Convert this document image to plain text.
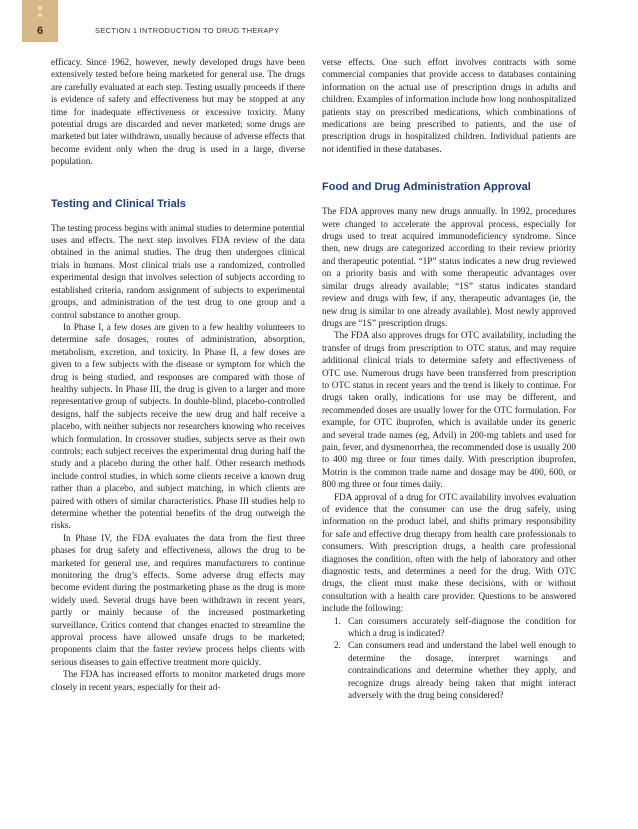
6	SECTION 1 INTRODUCTION TO DRUG THERAPY

efficacy. Since 1962, however, newly developed drugs have been extensively tested before being marketed for general use. The drugs are carefully evaluated at each step. Testing usually proceeds if there is evidence of safety and effectiveness but may be stopped at any time for inadequate effectiveness or excessive toxicity. Many potential drugs are discarded and never marketed; some drugs are marketed but later withdrawn, usually because of adverse effects that become evident only when the drug is used in a large, diverse population.

Testing and Clinical Trials

The testing process begins with animal studies to determine potential uses and effects. The next step involves FDA review of the data obtained in the animal studies. The drug then undergoes clinical trials in humans. Most clinical trials use a randomized, controlled experimental design that involves selection of subjects according to established criteria, random assignment of subjects to experimental groups, and administration of the test drug to one group and a control substance to another group.

In Phase I, a few doses are given to a few healthy volunteers to determine safe dosages, routes of administration, absorption, metabolism, excretion, and toxicity. In Phase II, a few doses are given to a few subjects with the disease or symptom for which the drug is being studied, and responses are compared with those of healthy subjects. In Phase III, the drug is given to a larger and more representative group of subjects. In double-blind, placebo-controlled designs, half the subjects receive the new drug and half receive a placebo, with neither subjects nor researchers knowing who receives which formulation. In crossover studies, subjects serve as their own controls; each subject receives the experimental drug during half the study and a placebo during the other half. Other research methods include control studies, in which some clients receive a known drug rather than a placebo, and subject matching, in which clients are paired with others of similar characteristics. Phase III studies help to determine whether the potential benefits of the drug outweigh the risks.

In Phase IV, the FDA evaluates the data from the first three phases for drug safety and effectiveness, allows the drug to be marketed for general use, and requires manufacturers to continue monitoring the drug’s effects. Some adverse drug effects may become evident during the postmarketing phase as the drug is more widely used. Several drugs have been withdrawn in recent years, partly or mainly because of the increased postmarketing surveillance. Critics contend that changes enacted to streamline the approval process have allowed unsafe drugs to be marketed; proponents claim that the faster review process helps clients with serious diseases to gain effective treatment more quickly.

The FDA has increased efforts to monitor marketed drugs more closely in recent years, especially for their ad-

verse effects. One such effort involves contracts with some commercial companies that provide access to databases containing information on the actual use of prescription drugs in adults and children. Examples of information include how long nonhospitalized patients stay on prescribed medications, which combinations of medications are being prescribed to patients, and the use of prescription drugs in hospitalized children. Individual patients are not identified in these databases.

Food and Drug Administration Approval

The FDA approves many new drugs annually. In 1992, procedures were changed to accelerate the approval process, especially for drugs used to treat acquired immunodeficiency syndrome. Since then, new drugs are categorized according to their review priority and therapeutic potential. “1P” status indicates a new drug reviewed on a priority basis and with some therapeutic advantages over similar drugs already available; “1S” status indicates standard review and drugs with few, if any, therapeutic advantages (ie, the new drug is similar to one already available). Most newly approved drugs are “1S” prescription drugs.

The FDA also approves drugs for OTC availability, including the transfer of drugs from prescription to OTC status, and may require additional clinical trials to determine safety and effectiveness of OTC use. Numerous drugs have been transferred from prescription to OTC status in recent years and the trend is likely to continue. For drugs taken orally, indications for use may be different, and recommended doses are usually lower for the OTC formulation. For example, for OTC ibuprofen, which is available under its generic and several trade names (eg, Advil) in 200-mg tablets and used for pain, fever, and dysmenorrhea, the recommended dose is usually 200 to 400 mg three or four times daily. With prescription ibuprofen, Motrin is the common trade name and dosage may be 400, 600, or 800 mg three or four times daily.

FDA approval of a drug for OTC availability involves evaluation of evidence that the consumer can use the drug safely, using information on the product label, and shifts primary responsibility for safe and effective drug therapy from health care professionals to consumers. With prescription drugs, a health care professional diagnoses the condition, often with the help of laboratory and other diagnostic tests, and determines a need for the drug. With OTC drugs, the client must make these decisions, with or without consultation with a health care provider. Questions to be answered include the following:

1. Can consumers accurately self-diagnose the condition for which a drug is indicated?
2. Can consumers read and understand the label well enough to determine the dosage, interpret warnings and contraindications and determine whether they apply, and recognize drugs already being taken that might interact adversely with the drug being considered?
